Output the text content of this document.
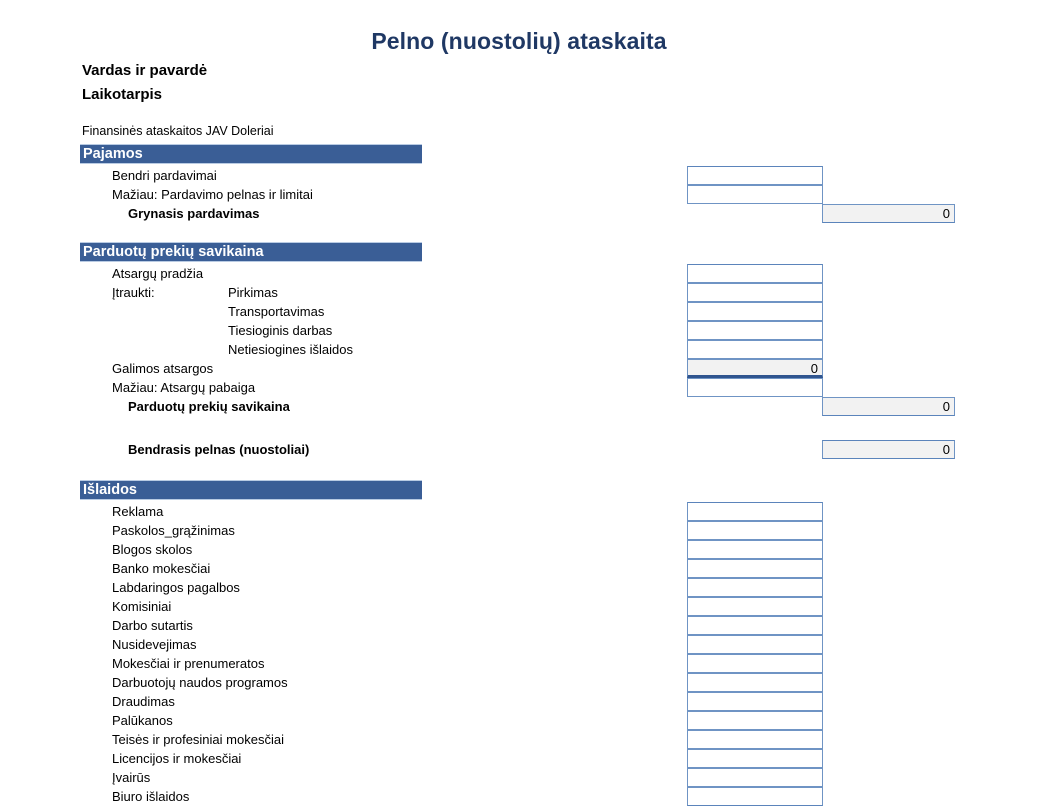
Pelno (nuostolių) ataskaita
Vardas ir pavardė
Laikotarpis
Finansinės ataskaitos JAV Doleriai
Pajamos
Bendri pardavimai
Mažiau: Pardavimo pelnas ir limitai
Grynasis pardavimas	0
Parduotų prekių savikaina
Atsargų pradžia
Įtraukti:	Pirkimas
Transportavimas
Tiesioginis darbas
Netiesiogines išlaidos
Galimos atsargos	0
Mažiau: Atsargų pabaiga
Parduotų prekių savikaina	0
Bendrasis pelnas (nuostoliai)	0
Išlaidos
Reklama
Paskolos_grąžinimas
Blogos skolos
Banko mokesčiai
Labdaringos pagalbos
Komisiniai
Darbo sutartis
Nusidevejimas
Mokesčiai ir prenumeratos
Darbuotojų naudos programos
Draudimas
Palūkanos
Teisės ir profesiniai mokesčiai
Licencijos ir mokesčiai
Įvairūs
Biuro išlaidos
